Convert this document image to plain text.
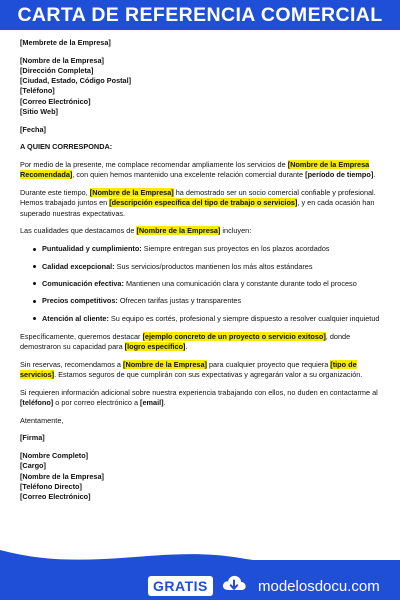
CARTA DE REFERENCIA COMERCIAL
[Membrete de la Empresa]
[Nombre de la Empresa]
[Dirección Completa]
[Ciudad, Estado, Código Postal]
[Teléfono]
[Correo Electrónico]
[Sitio Web]
[Fecha]
A QUIEN CORRESPONDA:
Por medio de la presente, me complace recomendar ampliamente los servicios de [Nombre de la Empresa Recomendada], con quien hemos mantenido una excelente relación comercial durante [período de tiempo].
Durante este tiempo, [Nombre de la Empresa] ha demostrado ser un socio comercial confiable y profesional. Hemos trabajado juntos en [descripción específica del tipo de trabajo o servicios], y en cada ocasión han superado nuestras expectativas.
Las cualidades que destacamos de [Nombre de la Empresa] incluyen:
Puntualidad y cumplimiento: Siempre entregan sus proyectos en los plazos acordados
Calidad excepcional: Sus servicios/productos mantienen los más altos estándares
Comunicación efectiva: Mantienen una comunicación clara y constante durante todo el proceso
Precios competitivos: Ofrecen tarifas justas y transparentes
Atención al cliente: Su equipo es cortés, profesional y siempre dispuesto a resolver cualquier inquietud
Específicamente, queremos destacar [ejemplo concreto de un proyecto o servicio exitoso], donde demostraron su capacidad para [logro específico].
Sin reservas, recomendamos a [Nombre de la Empresa] para cualquier proyecto que requiera [tipo de servicios]. Estamos seguros de que cumplirán con sus expectativas y agregarán valor a su organización.
Si requieren información adicional sobre nuestra experiencia trabajando con ellos, no duden en contactarme al [teléfono] o por correo electrónico a [email].
Atentamente,
[Firma]
[Nombre Completo]
[Cargo]
[Nombre de la Empresa]
[Teléfono Directo]
[Correo Electrónico]
GRATIS	modelosdocu.com
